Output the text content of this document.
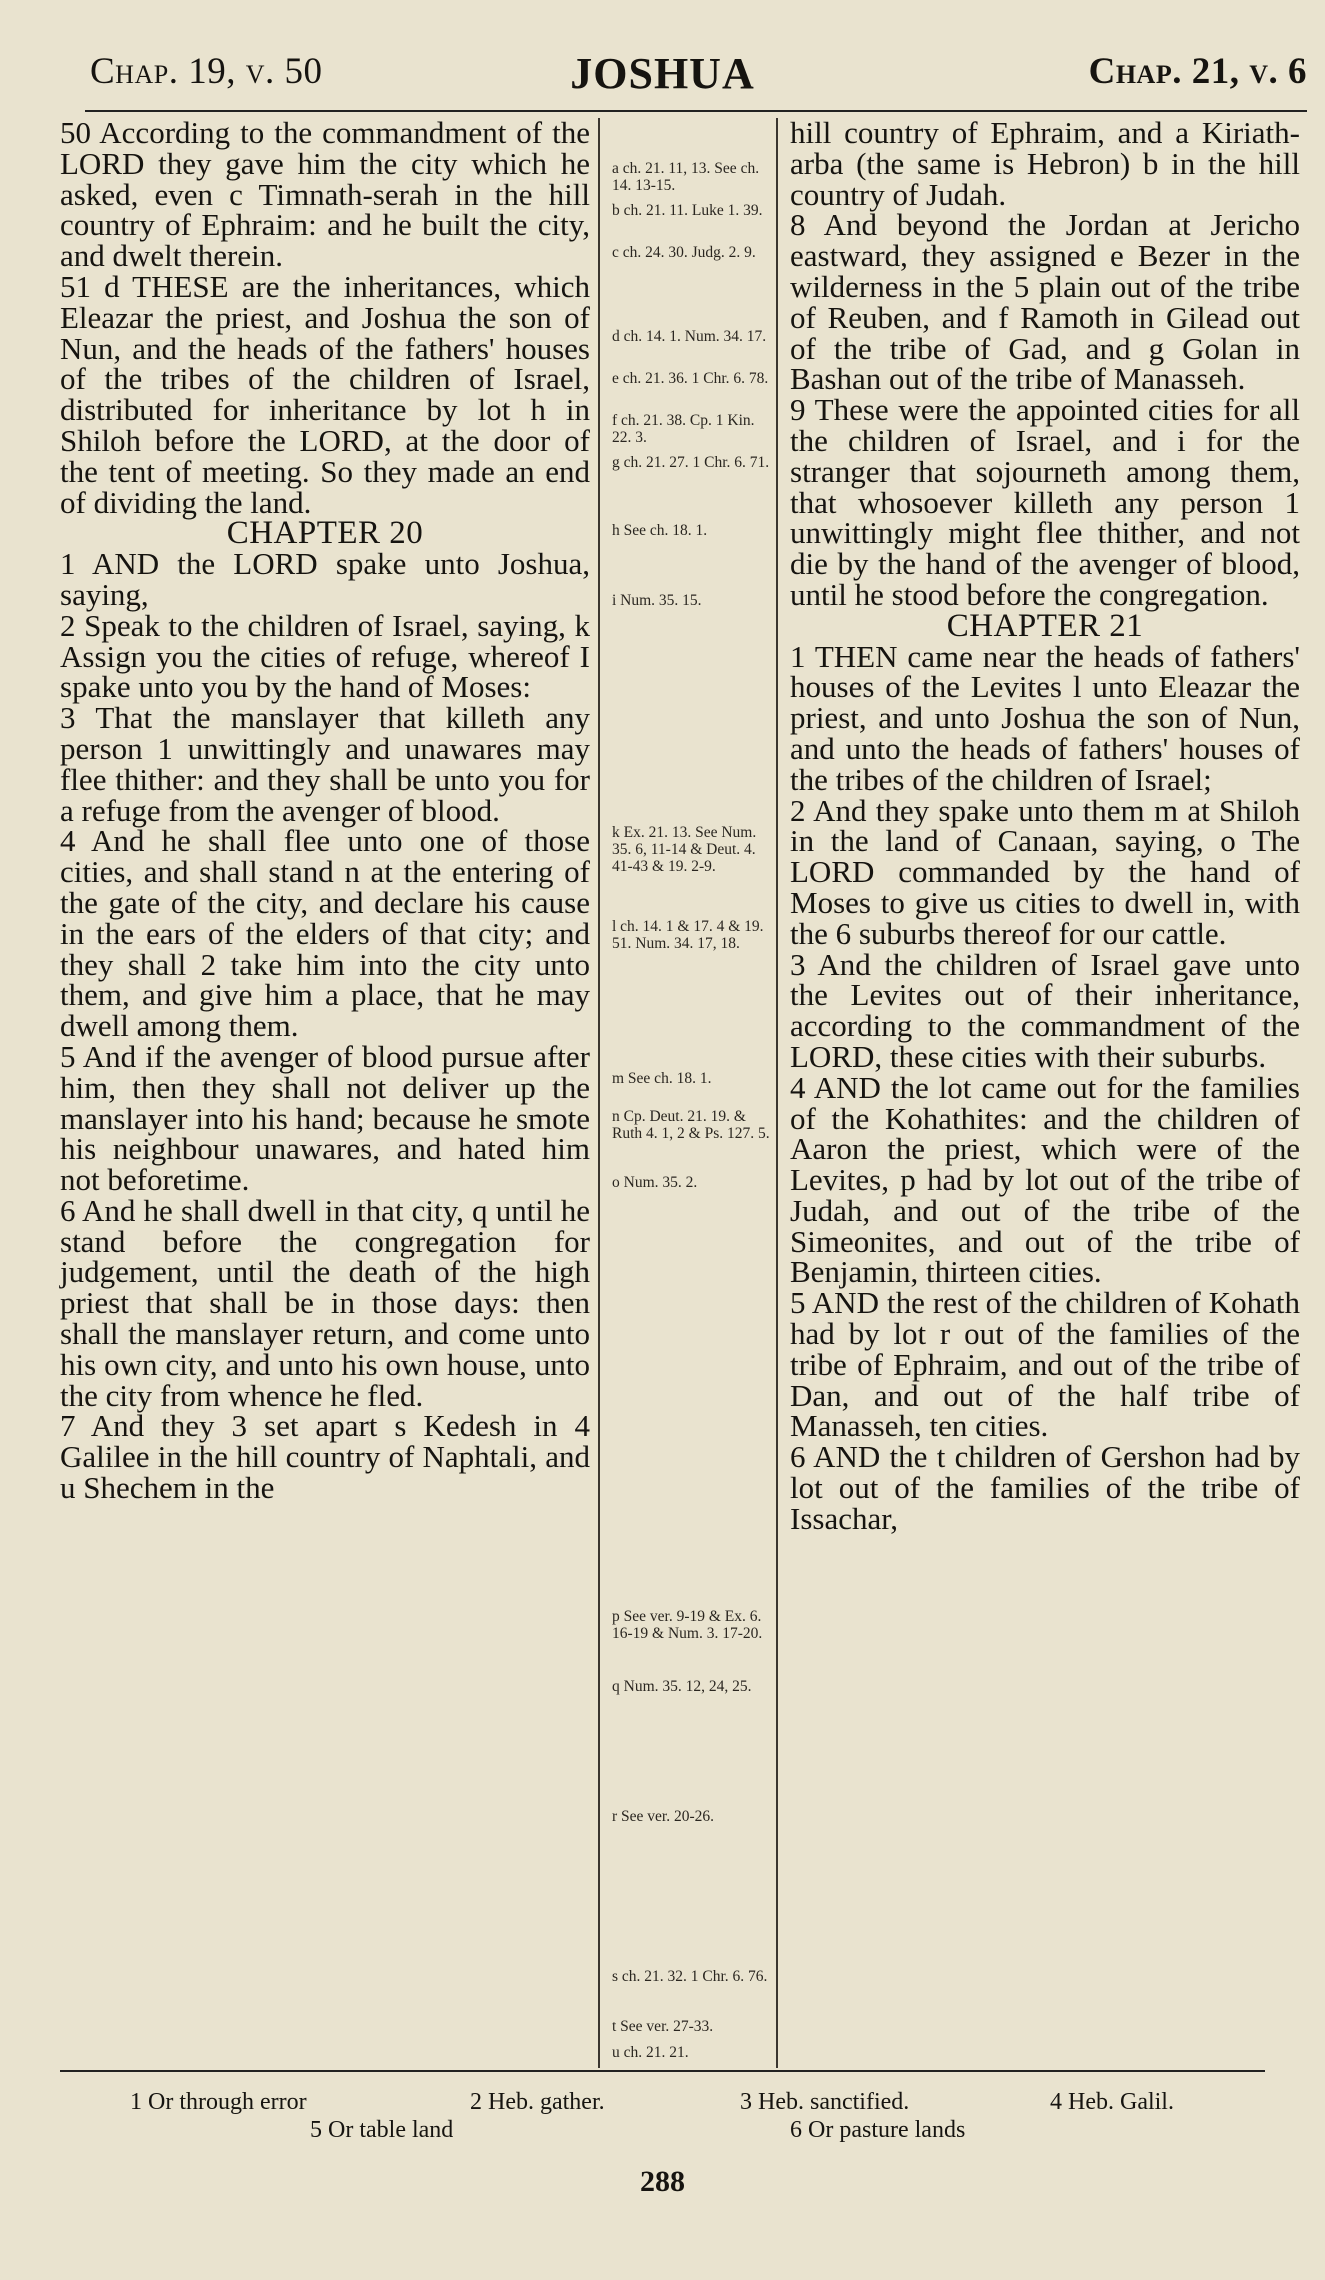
Chap. 19, v. 50	JOSHUA	Chap. 21, v. 6

50 According to the commandment of the LORD they gave him the city which he asked, even c Timnath-serah in the hill country of Ephraim: and he built the city, and dwelt therein.

51 d THESE are the inheritances, which Eleazar the priest, and Joshua the son of Nun, and the heads of the fathers' houses of the tribes of the children of Israel, distributed for inheritance by lot h in Shiloh before the LORD, at the door of the tent of meeting. So they made an end of dividing the land.

CHAPTER 20

1 AND the LORD spake unto Joshua, saying,

2 Speak to the children of Israel, saying, k Assign you the cities of refuge, whereof I spake unto you by the hand of Moses:

3 That the manslayer that killeth any person 1 unwittingly and unawares may flee thither: and they shall be unto you for a refuge from the avenger of blood.

4 And he shall flee unto one of those cities, and shall stand n at the entering of the gate of the city, and declare his cause in the ears of the elders of that city; and they shall 2 take him into the city unto them, and give him a place, that he may dwell among them.

5 And if the avenger of blood pursue after him, then they shall not deliver up the manslayer into his hand; because he smote his neighbour unawares, and hated him not beforetime.

6 And he shall dwell in that city, q until he stand before the congregation for judgement, until the death of the high priest that shall be in those days: then shall the manslayer return, and come unto his own city, and unto his own house, unto the city from whence he fled.

7 And they 3 set apart s Kedesh in 4 Galilee in the hill country of Naphtali, and u Shechem in the

a ch. 21. 11, 13. See ch. 14. 13-15.
b ch. 21. 11. Luke 1. 39.
c ch. 24. 30. Judg. 2. 9.
d ch. 14. 1. Num. 34. 17.
e ch. 21. 36. 1 Chr. 6. 78.
f ch. 21. 38. Cp. 1 Kin. 22. 3.
g ch. 21. 27. 1 Chr. 6. 71.
h See ch. 18. 1.
i Num. 35. 15.
k Ex. 21. 13. See Num. 35. 6, 11-14 & Deut. 4. 41-43 & 19. 2-9.
l ch. 14. 1 & 17. 4 & 19. 51. Num. 34. 17, 18.
m See ch. 18. 1.
n Cp. Deut. 21. 19. & Ruth 4. 1, 2 & Ps. 127. 5.
o Num. 35. 2.
p See ver. 9-19 & Ex. 6. 16-19 & Num. 3. 17-20.
q Num. 35. 12, 24, 25.
r See ver. 20-26.
s ch. 21. 32. 1 Chr. 6. 76.
t See ver. 27-33.
u ch. 21. 21.

hill country of Ephraim, and a Kiriath-arba (the same is Hebron) b in the hill country of Judah.

8 And beyond the Jordan at Jericho eastward, they assigned e Bezer in the wilderness in the 5 plain out of the tribe of Reuben, and f Ramoth in Gilead out of the tribe of Gad, and g Golan in Bashan out of the tribe of Manasseh.

9 These were the appointed cities for all the children of Israel, and i for the stranger that sojourneth among them, that whosoever killeth any person 1 unwittingly might flee thither, and not die by the hand of the avenger of blood, until he stood before the congregation.

CHAPTER 21

1 THEN came near the heads of fathers' houses of the Levites l unto Eleazar the priest, and unto Joshua the son of Nun, and unto the heads of fathers' houses of the tribes of the children of Israel;

2 And they spake unto them m at Shiloh in the land of Canaan, saying, o The LORD commanded by the hand of Moses to give us cities to dwell in, with the 6 suburbs thereof for our cattle.

3 And the children of Israel gave unto the Levites out of their inheritance, according to the commandment of the LORD, these cities with their suburbs.

4 AND the lot came out for the families of the Kohathites: and the children of Aaron the priest, which were of the Levites, p had by lot out of the tribe of Judah, and out of the tribe of the Simeonites, and out of the tribe of Benjamin, thirteen cities.

5 AND the rest of the children of Kohath had by lot r out of the families of the tribe of Ephraim, and out of the tribe of Dan, and out of the half tribe of Manasseh, ten cities.

6 AND the t children of Gershon had by lot out of the families of the tribe of Issachar,

1 Or through error	2 Heb. gather.	3 Heb. sanctified.	4 Heb. Galil.
5 Or table land	6 Or pasture lands
288
